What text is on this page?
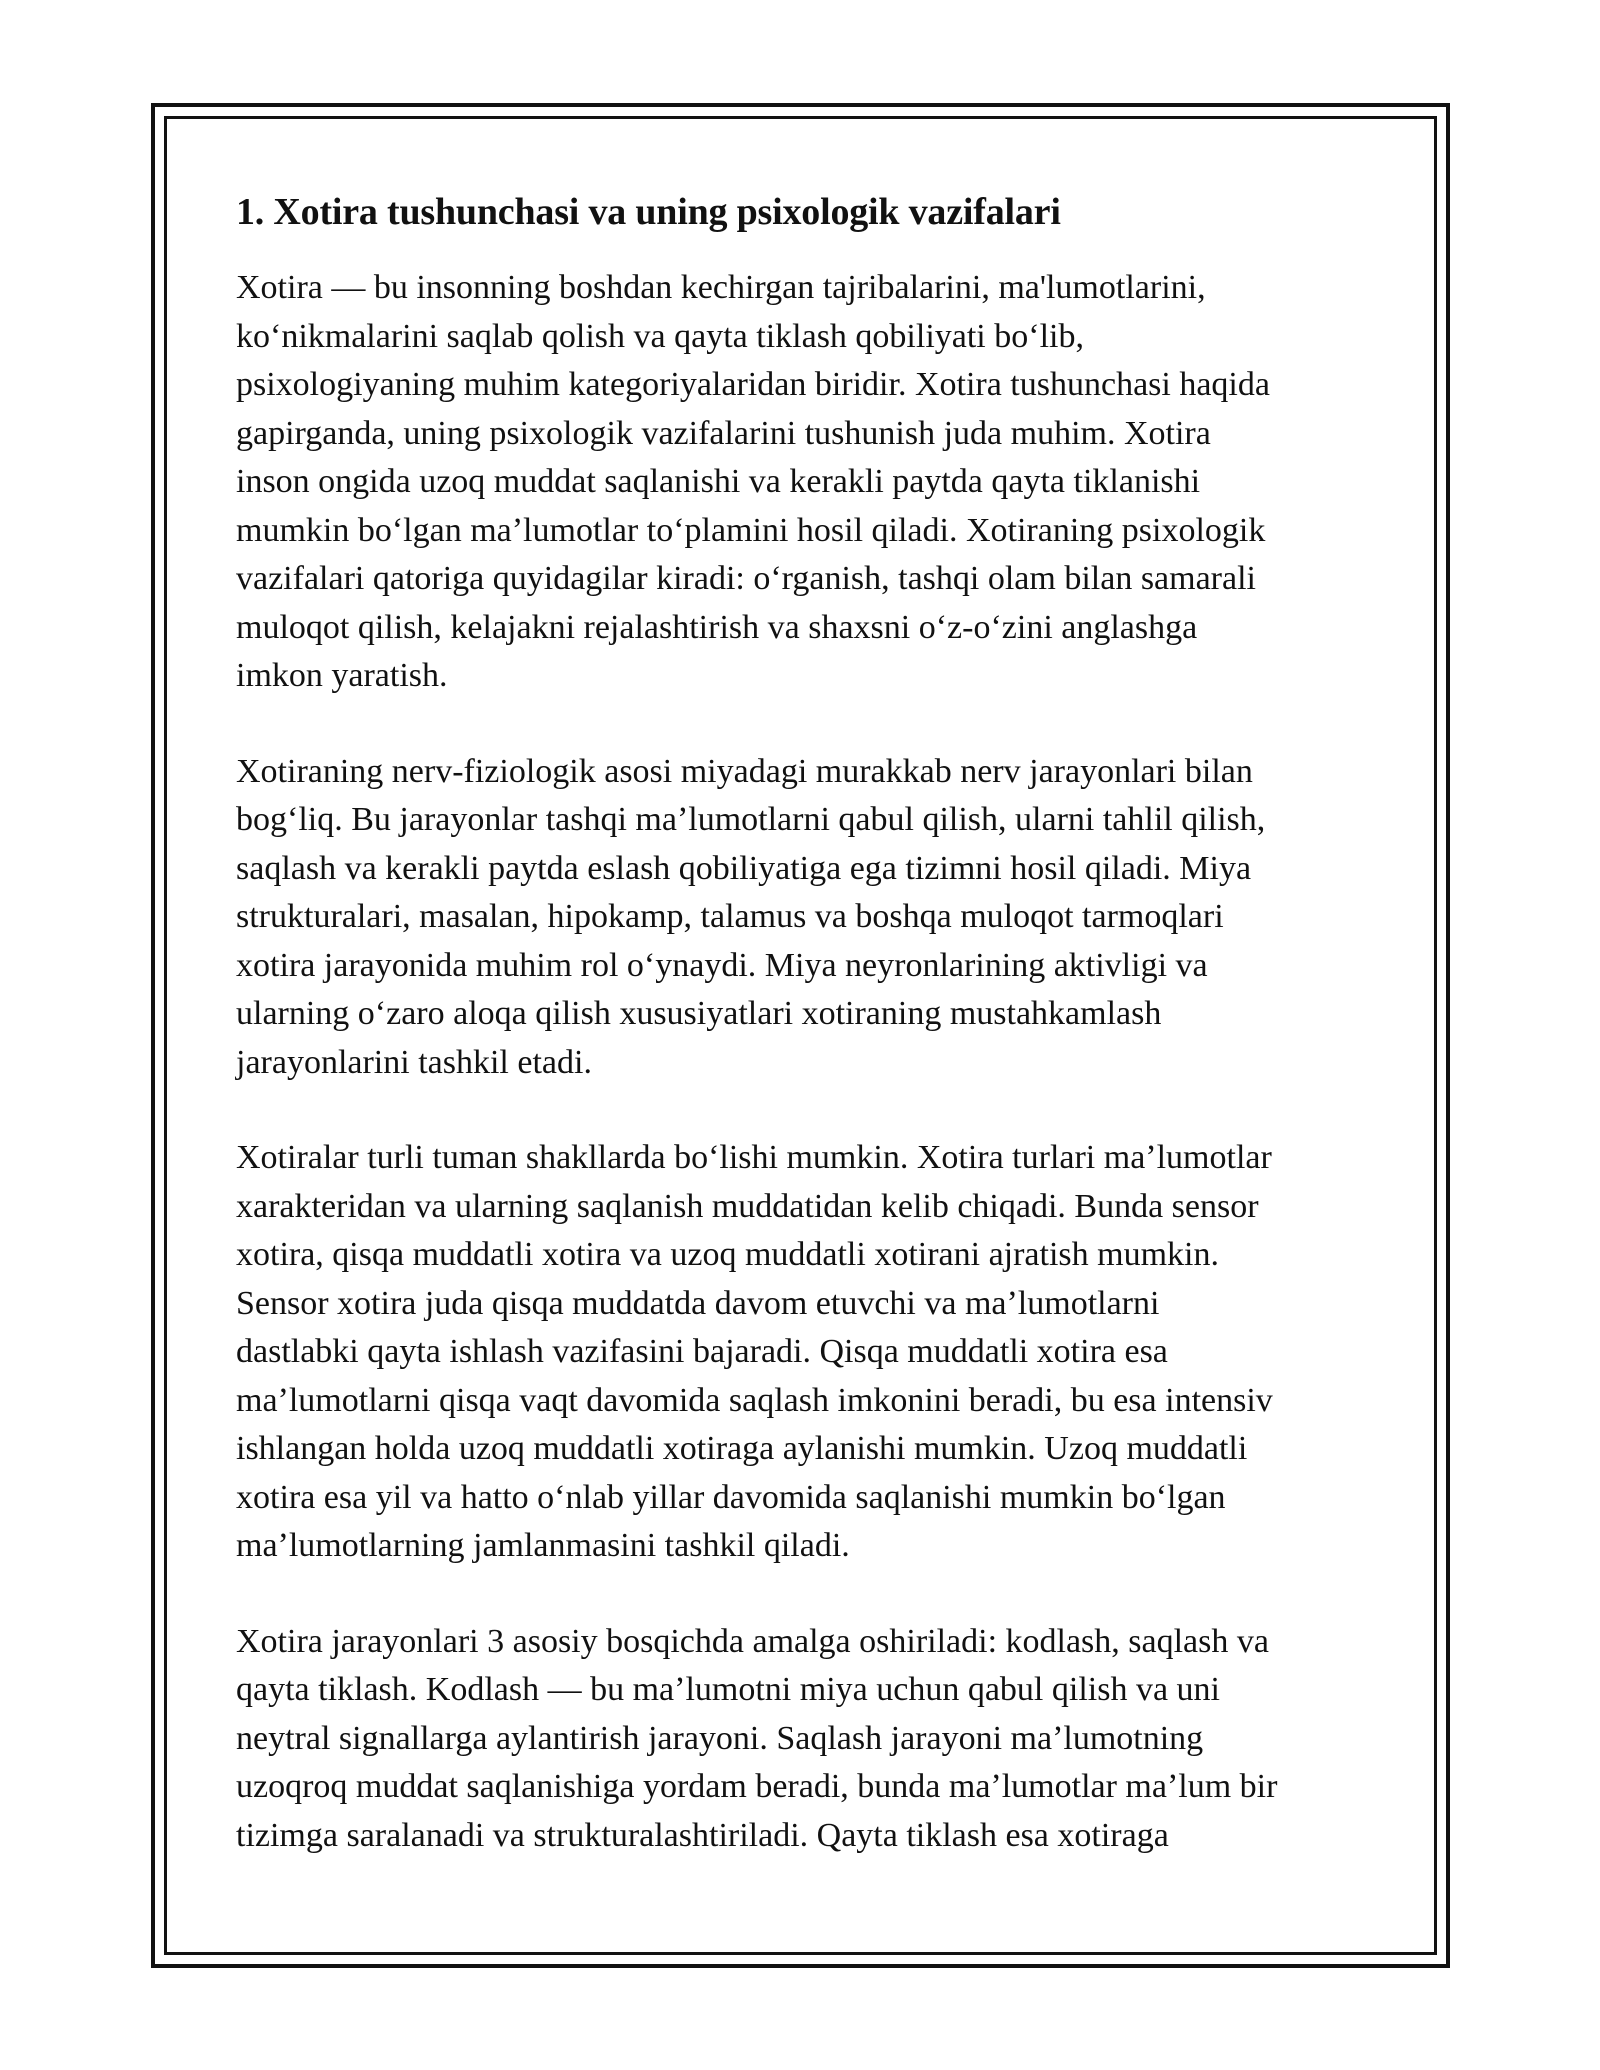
1. Xotira tushunchasi va uning psixologik vazifalari

Xotira — bu insonning boshdan kechirgan tajribalarini, ma'lumotlarini,
koʻnikmalarini saqlab qolish va qayta tiklash qobiliyati boʻlib,
psixologiyaning muhim kategoriyalaridan biridir. Xotira tushunchasi haqida
gapirganda, uning psixologik vazifalarini tushunish juda muhim. Xotira
inson ongida uzoq muddat saqlanishi va kerakli paytda qayta tiklanishi
mumkin boʻlgan maʼlumotlar toʻplamini hosil qiladi. Xotiraning psixologik
vazifalari qatoriga quyidagilar kiradi: oʻrganish, tashqi olam bilan samarali
muloqot qilish, kelajakni rejalashtirish va shaxsni oʻz-oʻzini anglashga
imkon yaratish.

Xotiraning nerv-fiziologik asosi miyadagi murakkab nerv jarayonlari bilan
bogʻliq. Bu jarayonlar tashqi maʼlumotlarni qabul qilish, ularni tahlil qilish,
saqlash va kerakli paytda eslash qobiliyatiga ega tizimni hosil qiladi. Miya
strukturalari, masalan, hipokamp, talamus va boshqa muloqot tarmoqlari
xotira jarayonida muhim rol oʻynaydi. Miya neyronlarining aktivligi va
ularning oʻzaro aloqa qilish xususiyatlari xotiraning mustahkamlash
jarayonlarini tashkil etadi.

Xotiralar turli tuman shakllarda boʻlishi mumkin. Xotira turlari maʼlumotlar
xarakteridan va ularning saqlanish muddatidan kelib chiqadi. Bunda sensor
xotira, qisqa muddatli xotira va uzoq muddatli xotirani ajratish mumkin.
Sensor xotira juda qisqa muddatda davom etuvchi va maʼlumotlarni
dastlabki qayta ishlash vazifasini bajaradi. Qisqa muddatli xotira esa
maʼlumotlarni qisqa vaqt davomida saqlash imkonini beradi, bu esa intensiv
ishlangan holda uzoq muddatli xotiraga aylanishi mumkin. Uzoq muddatli
xotira esa yil va hatto oʻnlab yillar davomida saqlanishi mumkin boʻlgan
maʼlumotlarning jamlanmasini tashkil qiladi.

Xotira jarayonlari 3 asosiy bosqichda amalga oshiriladi: kodlash, saqlash va
qayta tiklash. Kodlash — bu maʼlumotni miya uchun qabul qilish va uni
neytral signallarga aylantirish jarayoni. Saqlash jarayoni maʼlumotning
uzoqroq muddat saqlanishiga yordam beradi, bunda maʼlumotlar maʼlum bir
tizimga saralanadi va strukturalashtiriladi. Qayta tiklash esa xotiraga
